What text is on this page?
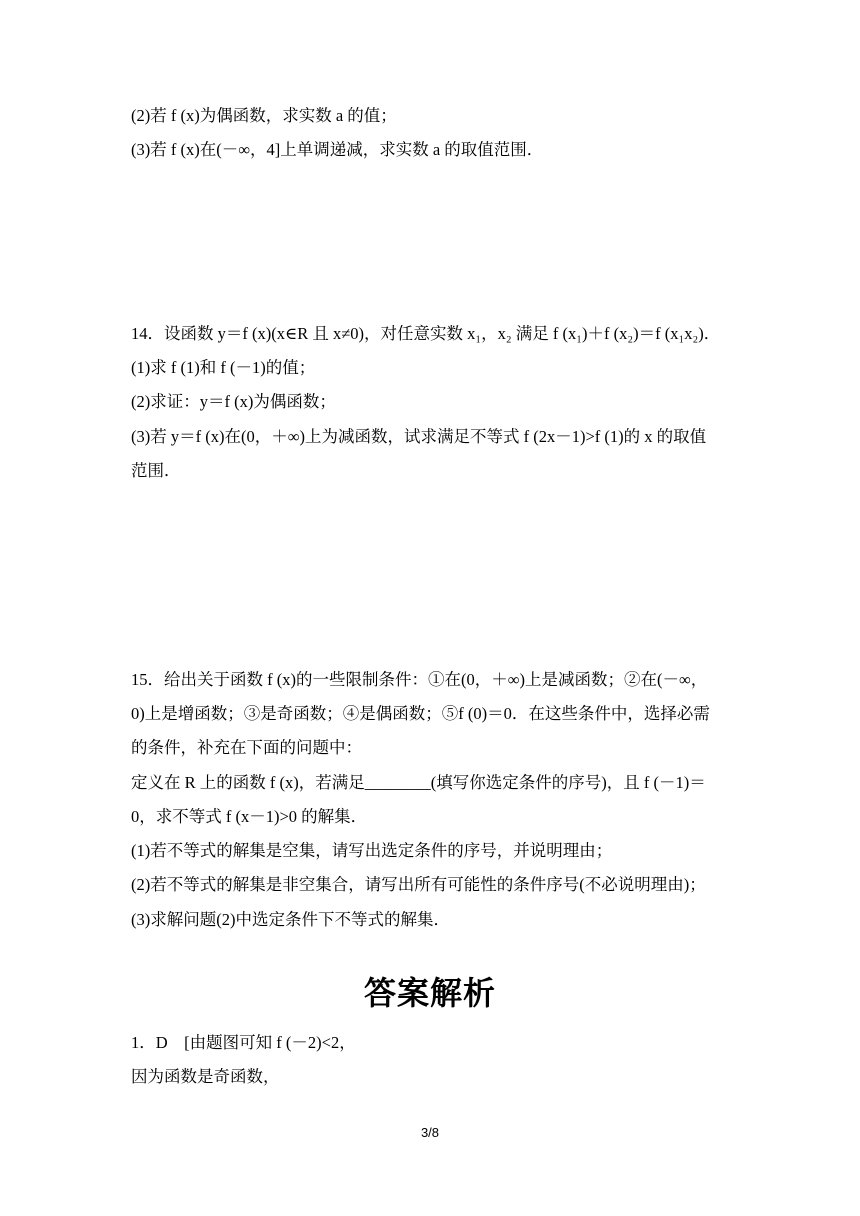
(2)若 f (x)为偶函数，求实数 a 的值；
(3)若 f (x)在(－∞，4]上单调递减，求实数 a 的取值范围．
14．设函数 y＝f (x)(x∈R 且 x≠0)，对任意实数 x₁，x₂ 满足 f (x₁)＋f (x₂)＝f (x₁x₂)．
(1)求 f (1)和 f (－1)的值；
(2)求证：y＝f (x)为偶函数；
(3)若 y＝f (x)在(0，＋∞)上为减函数，试求满足不等式 f (2x－1)>f (1)的 x 的取值
范围．
15．给出关于函数 f (x)的一些限制条件：①在(0，＋∞)上是减函数；②在(－∞，
0)上是增函数；③是奇函数；④是偶函数；⑤f (0)＝0．在这些条件中，选择必需
的条件，补充在下面的问题中：
定义在 R 上的函数 f (x)，若满足________(填写你选定条件的序号)，且 f (－1)＝
0，求不等式 f (x－1)>0 的解集．
(1)若不等式的解集是空集，请写出选定条件的序号，并说明理由；
(2)若不等式的解集是非空集合，请写出所有可能性的条件序号(不必说明理由)；
(3)求解问题(2)中选定条件下不等式的解集．
答案解析
1．D　[由题图可知 f (－2)<2，
因为函数是奇函数，
3/8
